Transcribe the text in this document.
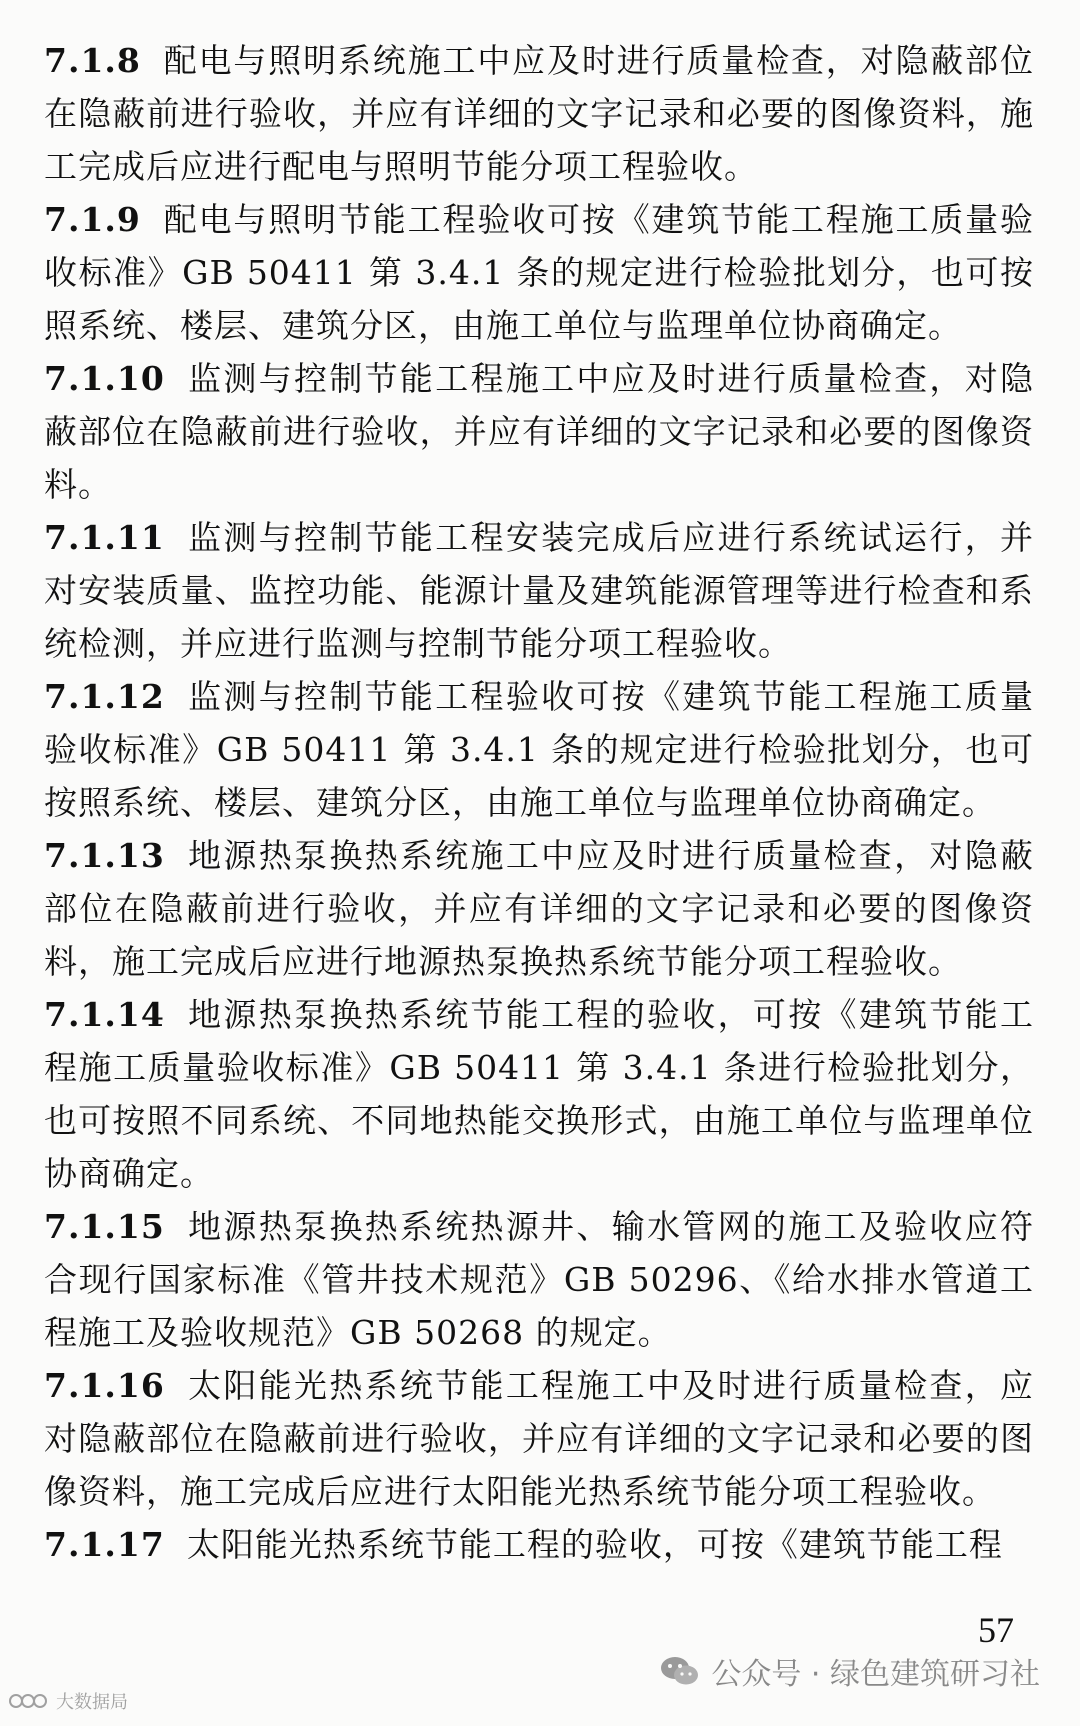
7.1.8 配电与照明系统施工中应及时进行质量检查，对隐蔽部位在隐蔽前进行验收，并应有详细的文字记录和必要的图像资料，施工完成后应进行配电与照明节能分项工程验收。

7.1.9 配电与照明节能工程验收可按《建筑节能工程施工质量验收标准》GB 50411 第 3.4.1 条的规定进行检验批划分，也可按照系统、楼层、建筑分区，由施工单位与监理单位协商确定。

7.1.10 监测与控制节能工程施工中应及时进行质量检查，对隐蔽部位在隐蔽前进行验收，并应有详细的文字记录和必要的图像资料。

7.1.11 监测与控制节能工程安装完成后应进行系统试运行，并对安装质量、监控功能、能源计量及建筑能源管理等进行检查和系统检测，并应进行监测与控制节能分项工程验收。

7.1.12 监测与控制节能工程验收可按《建筑节能工程施工质量验收标准》GB 50411 第 3.4.1 条的规定进行检验批划分，也可按照系统、楼层、建筑分区，由施工单位与监理单位协商确定。

7.1.13 地源热泵换热系统施工中应及时进行质量检查，对隐蔽部位在隐蔽前进行验收，并应有详细的文字记录和必要的图像资料，施工完成后应进行地源热泵换热系统节能分项工程验收。

7.1.14 地源热泵换热系统节能工程的验收，可按《建筑节能工程施工质量验收标准》GB 50411 第 3.4.1 条进行检验批划分，也可按照不同系统、不同地热能交换形式，由施工单位与监理单位协商确定。

7.1.15 地源热泵换热系统热源井、输水管网的施工及验收应符合现行国家标准《管井技术规范》GB 50296、《给水排水管道工程施工及验收规范》GB 50268 的规定。

7.1.16 太阳能光热系统节能工程施工中及时进行质量检查，应对隐蔽部位在隐蔽前进行验收，并应有详细的文字记录和必要的图像资料，施工完成后应进行太阳能光热系统节能分项工程验收。

7.1.17 太阳能光热系统节能工程的验收，可按《建筑节能工程

57
公众号 · 绿色建筑研习社
大数据局
